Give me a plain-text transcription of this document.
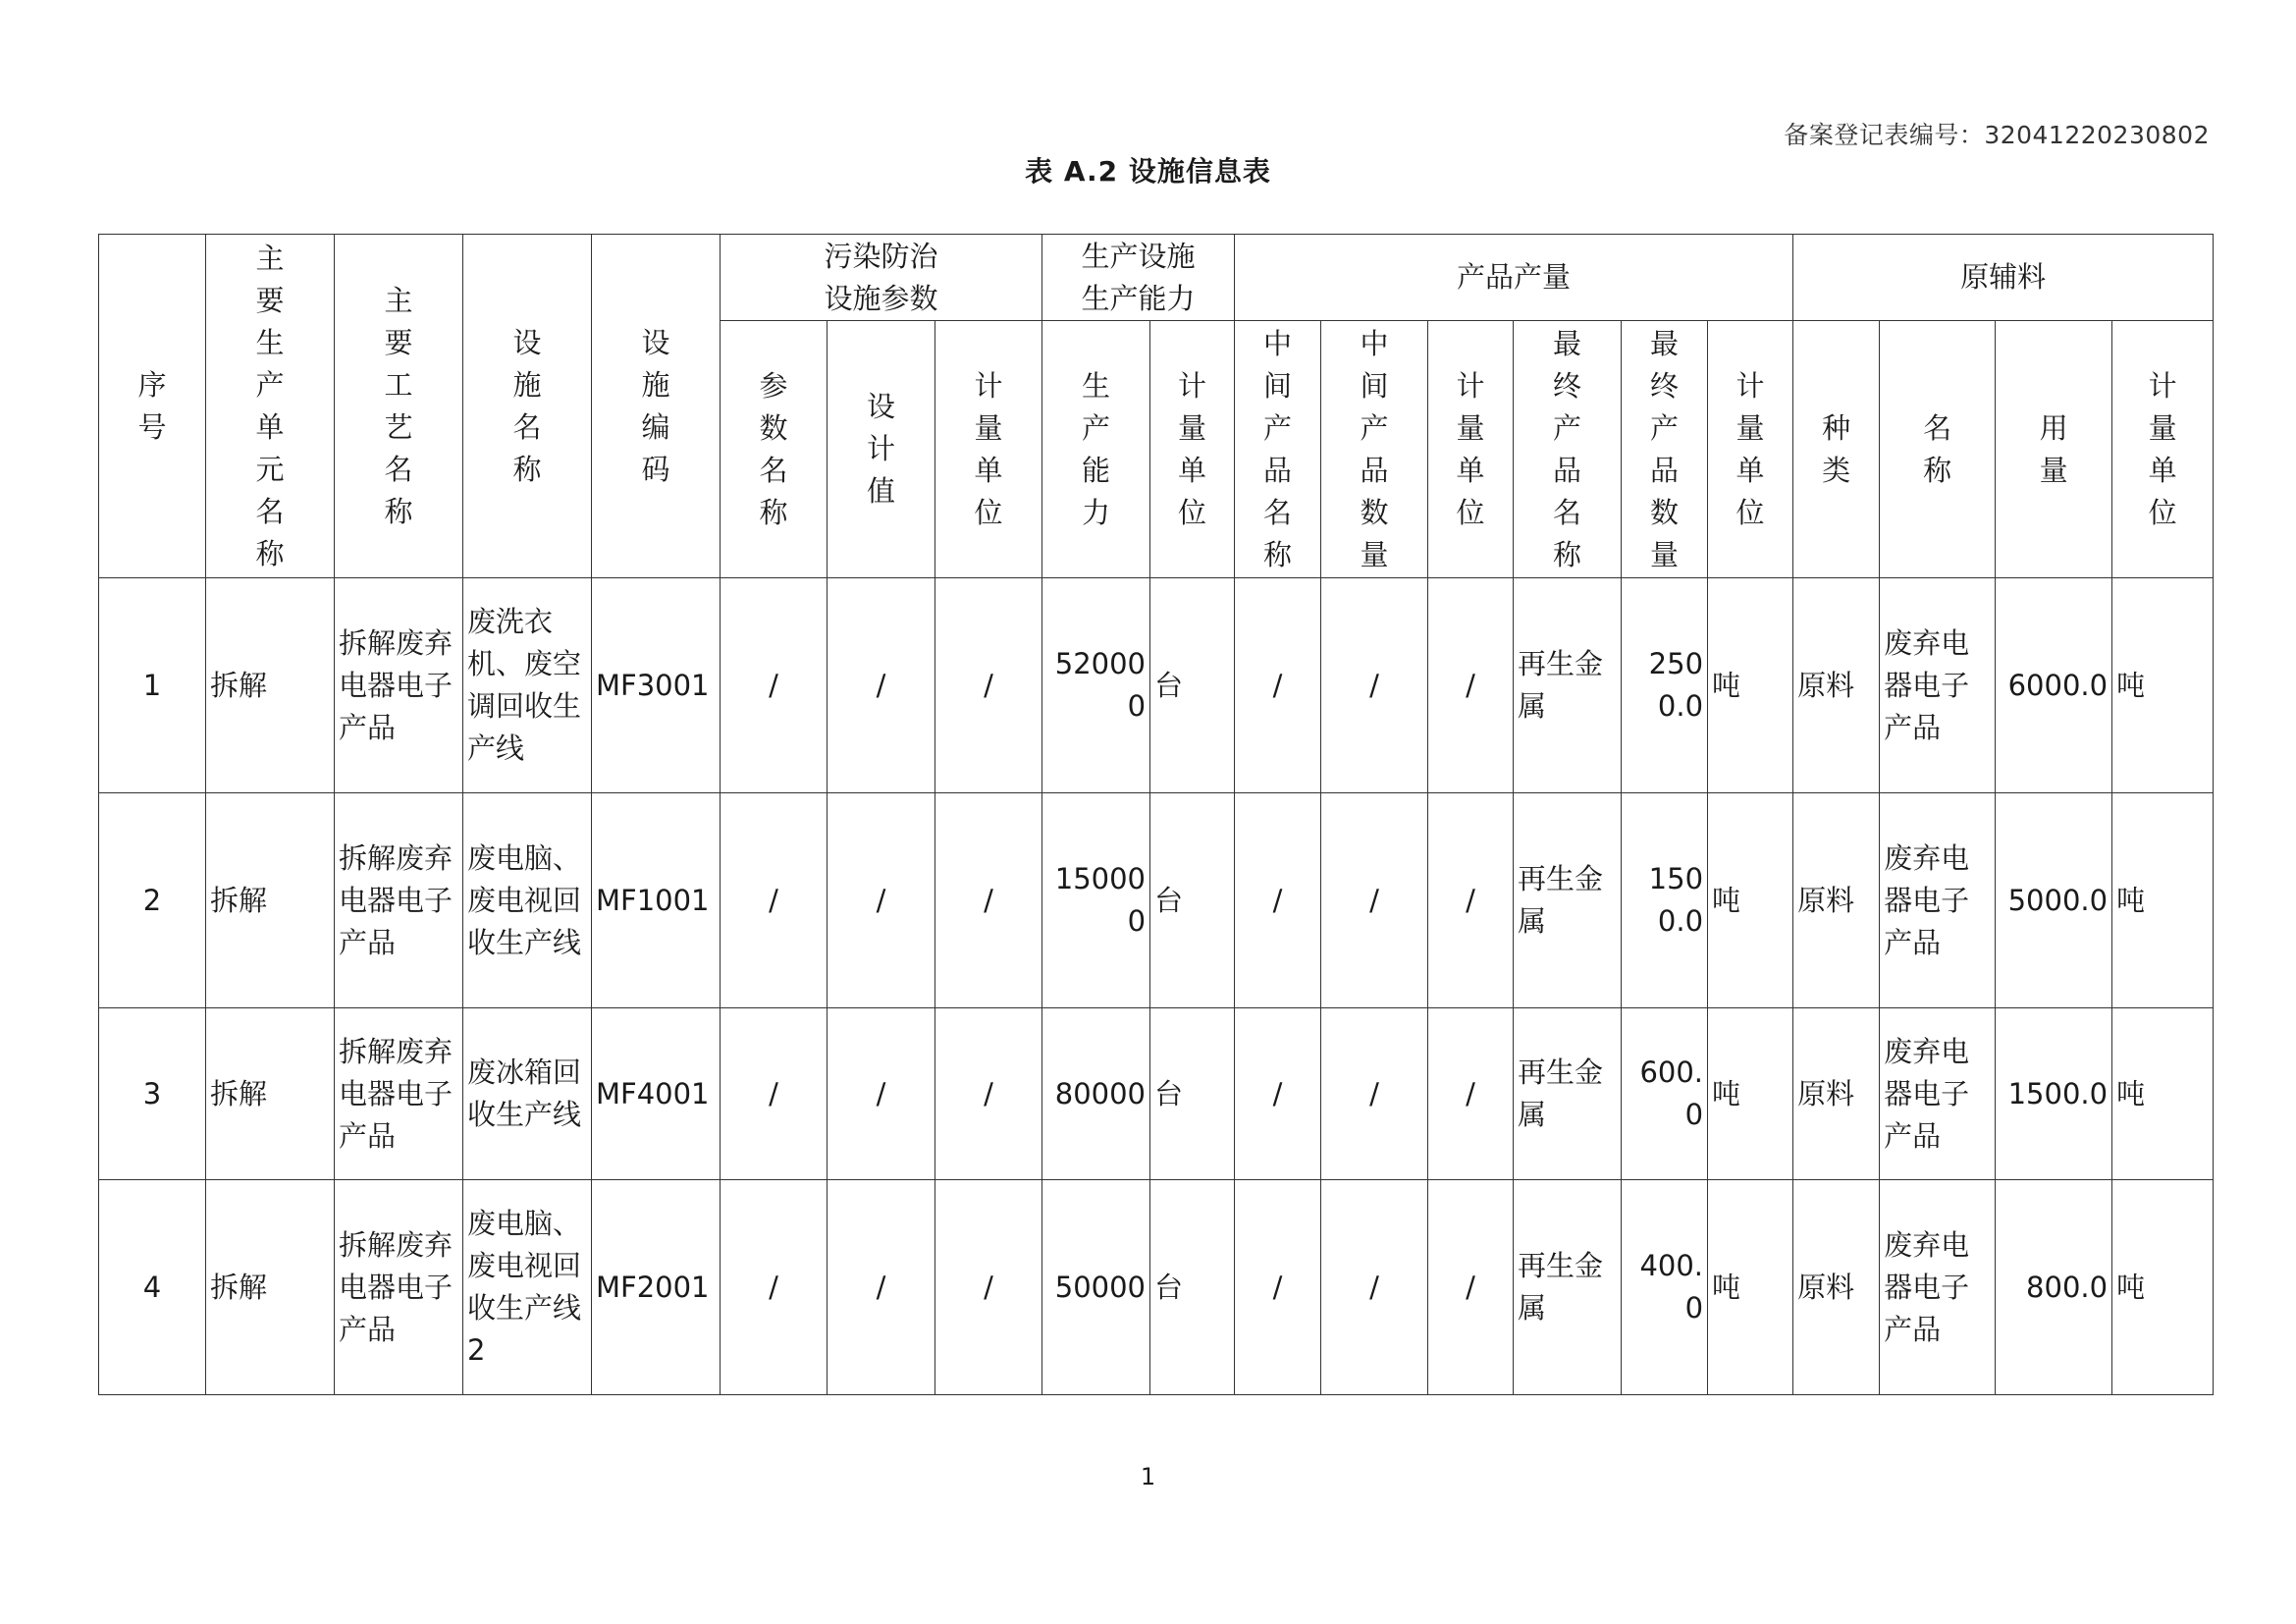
备案登记表编号：32041220230802
表 A.2 设施信息表
序号	主要生产单元名称	主要工艺名称	设施名称	设施编码	污染防治设施参数			生产设施生产能力		产品产量						原辅料			
					参数名称	设计值	计量单位	生产能力	计量单位	中间产品名称	中间产品数量	计量单位	最终产品名称	最终产品数量	计量单位	种类	名称	用量	计量单位
1	拆解	拆解废弃电器电子产品	废洗衣机、废空调回收生产线	MF3001	/	/	/	520000	台	/	/	/	再生金属	2500.0	吨	原料	废弃电器电子产品	6000.0	吨
2	拆解	拆解废弃电器电子产品	废电脑、废电视回收生产线	MF1001	/	/	/	150000	台	/	/	/	再生金属	1500.0	吨	原料	废弃电器电子产品	5000.0	吨
3	拆解	拆解废弃电器电子产品	废冰箱回收生产线	MF4001	/	/	/	80000	台	/	/	/	再生金属	600.0	吨	原料	废弃电器电子产品	1500.0	吨
4	拆解	拆解废弃电器电子产品	废电脑、废电视回收生产线 2	MF2001	/	/	/	50000	台	/	/	/	再生金属	400.0	吨	原料	废弃电器电子产品	800.0	吨
1
